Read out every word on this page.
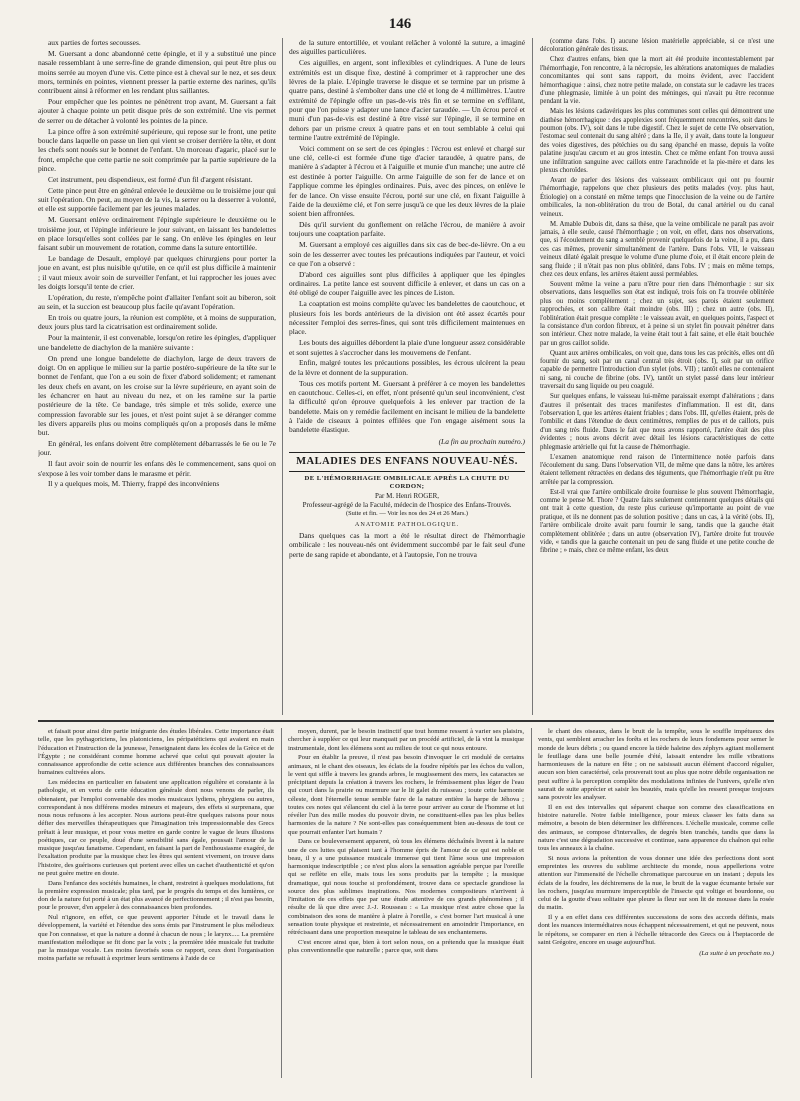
146

aux parties de fortes secousses.

M. Guersant a donc abandonné cette épingle, et il y a substitué une pince nasale ressemblant à une serre-fine de grande dimension, qui peut être plus ou moins serrée au moyen d'une vis. Cette pince est à cheval sur le nez, et ses deux mors, terminés en pointes, viennent presser la partie externe des narines, qu'ils contribuent ainsi à réformer en les rendant plus saillantes.

Pour empêcher que les pointes ne pénètrent trop avant, M. Guersant a fait ajouter à chaque pointe un petit disque près de son extrémité. Une vis permet de serrer ou de détacher à volonté les pointes de la pince.

La pince offre à son extrémité supérieure, qui repose sur le front, une petite boucle dans laquelle on passe un lien qui vient se croiser derrière la tête, et dont les chefs sont noués sur le bonnet de l'enfant. Un morceau d'agaric, placé sur le front, empêche que cette partie ne soit comprimée par la partie supérieure de la pince.

Cet instrument, peu dispendieux, est formé d'un fil d'argent résistant.

Cette pince peut être en général enlevée le deuxième ou le troisième jour qui suit l'opération. On peut, au moyen de la vis, la serrer ou la desserrer à volonté, et elle est supportée facilement par les jeunes malades.

M. Guersant enlève ordinairement l'épingle supérieure le deuxième ou le troisième jour, et l'épingle inférieure le jour suivant, en laissant les bandelettes en place lorsqu'elles sont collées par le sang. On enlève les épingles en leur faisant subir un mouvement de rotation, comme dans la suture entortillée.

Le bandage de Desault, employé par quelques chirurgiens pour porter la joue en avant, est plus nuisible qu'utile, en ce qu'il est plus difficile à maintenir ; il vaut mieux avoir soin de surveiller l'enfant, et lui rapprocher les joues avec les doigts lorsqu'il tente de crier.

L'opération, du reste, n'empêche point d'allaiter l'enfant soit au biberon, soit au sein, et la succion est beaucoup plus facile qu'avant l'opération.

En trois ou quatre jours, la réunion est complète, et à moins de suppuration, deux jours plus tard la cicatrisation est ordinairement solide.

Pour la maintenir, il est convenable, lorsqu'on retire les épingles, d'appliquer une bandelette de diachylon de la manière suivante :

On prend une longue bandelette de diachylon, large de deux travers de doigt. On en applique le milieu sur la partie postéro-supérieure de la tête sur le bonnet de l'enfant, que l'on a eu soin de fixer d'abord solidement; et ramenant les deux chefs en avant, on les croise sur la lèvre supérieure, en ayant soin de les échancrer en haut au niveau du nez, et on les ramène sur la partie postérieure de la tête. Ce bandage, très simple et très solide, exerce une compression favorable sur les joues, et n'est point sujet à se déranger comme les divers appareils plus ou moins compliqués qu'on a proposés dans le même but.

En général, les enfans doivent être complètement débarrassés le 6e ou le 7e jour.

Il faut avoir soin de nourrir les enfans dès le commencement, sans quoi on s'expose à les voir tomber dans le marasme et périr.

Il y a quelques mois, M. Thierry, frappé des inconvéniens

de la suture entortillée, et voulant relâcher à volonté la suture, a imaginé des aiguilles particulières.

Ces aiguilles, en argent, sont inflexibles et cylindriques. A l'une de leurs extrémités est un disque fixe, destiné à comprimer et à rapprocher une des lèvres de la plaie. L'épingle traverse le disque et se termine par un prisme à quatre pans, destiné à s'emboîter dans une clé et long de 4 millimètres. L'autre extrémité de l'épingle offre un pas-de-vis très fin et se termine en s'effilant, pour que l'on puisse y adapter une lance d'acier taraudée. — Un écrou percé et muni d'un pas-de-vis est destiné à être vissé sur l'épingle, il se termine en dehors par un prisme creux à quatre pans et en tout semblable à celui qui termine l'autre extrémité de l'épingle.

Voici comment on se sert de ces épingles : l'écrou est enlevé et chargé sur une clé, celle-ci est formée d'une tige d'acier taraudée, à quatre pans, de manière à s'adapter à l'écrou et à l'aiguille et munie d'un manche; une autre clé est destinée à porter l'aiguille. On arme l'aiguille de son fer de lance et on l'applique comme les épingles ordinaires. Puis, avec des pinces, on enlève le fer de lance. On visse ensuite l'écrou, porté sur une clé, en fixant l'aiguille à l'aide de la deuxième clé, et l'on serre jusqu'à ce que les deux lèvres de la plaie soient bien affrontées.

Dès qu'il survient du gonflement on relâche l'écrou, de manière à avoir toujours une coaptation parfaite.

M. Guersant a employé ces aiguilles dans six cas de bec-de-lièvre. On a eu soin de les desserrer avec toutes les précautions indiquées par l'auteur, et voici ce que l'on a observé :

D'abord ces aiguilles sont plus difficiles à appliquer que les épingles ordinaires. La petite lance est souvent difficile à enlever, et dans un cas on a été obligé de couper l'aiguille avec les pinces de Liston.

La coaptation est moins complète qu'avec les bandelettes de caoutchouc, et plusieurs fois les bords antérieurs de la division ont été assez écartés pour nécessiter l'emploi des serres-fines, qui sont très difficilement maintenues en place.

Les bouts des aiguilles débordent la plaie d'une longueur assez considérable et sont sujettes à s'accrocher dans les mouvemens de l'enfant.

Enfin, malgré toutes les précautions possibles, les écrous ulcèrent la peau de la lèvre et donnent de la suppuration.

Tous ces motifs portent M. Guersant à préférer à ce moyen les bandelettes en caoutchouc. Celles-ci, en effet, n'ont présenté qu'un seul inconvénient, c'est la difficulté qu'on éprouve quelquefois à les enlever par traction de la bandelette. Mais on y remédie facilement en incisant le milieu de la bandelette à l'aide de ciseaux à pointes effilées que l'on engage aisément sous la bandelette élastique.

(La fin au prochain numéro.)
MALADIES DES ENFANS NOUVEAU-NÉS.
DE L'HÉMORRHAGIE OMBILICALE APRÈS LA CHUTE DU CORDON;
Par M. Henri ROGER,
Professeur-agrégé de la Faculté, médecin de l'hospice des Enfans-Trouvés.
(Suite et fin. — Voir les nos des 24 et 26 Mars.)
ANATOMIE PATHOLOGIQUE.

Dans quelques cas la mort a été le résultat direct de l'hémorrhagie ombilicale : les nouveau-nés ont évidemment succombé par le fait seul d'une perte de sang rapide et abondante, et à l'autopsie, l'on ne trouva

(comme dans l'obs. I) aucune lésion matérielle appréciable, si ce n'est une décoloration générale des tissus.

Chez d'autres enfans, bien que la mort ait été produite incontestablement par l'hémorrhagie, l'on rencontre, à la nécropsie, les altérations anatomiques de maladies concomitantes qui sont sans rapport, du moins évident, avec l'accident hémorrhagique : ainsi, chez notre petite malade, on constata sur le cadavre les traces d'une phlegmasie, limitée à un point des méninges, qui n'avait pu être reconnue pendant la vie.

Mais les lésions cadavériques les plus communes sont celles qui démontrent une diathèse hémorrhagique : des apoplexies sont fréquemment rencontrées, soit dans le poumon (obs. IV), soit dans le tube digestif. Chez le sujet de cette IVe observation, l'estomac seul contenait du sang altéré ; dans la IIe, il y avait, dans toute la longueur des voies digestives, des pétéchies ou du sang épanché en masse, depuis la voûte palatine jusqu'au cæcum et au gros intestin. Chez ce même enfant l'on trouva aussi une infiltration sanguine avec caillots entre l'arachnoïde et la pie-mère et dans les plexus choroïdes.

Avant de parler des lésions des vaisseaux ombilicaux qui ont pu fournir l'hémorrhagie, rappelons que chez plusieurs des petits malades (voy. plus haut, Étiologie) on a constaté en même temps que l'inocclusion de la veine ou de l'artère ombilicales, la non-oblitération du trou de Botal, du canal artériel ou du canal veineux.

M. Amable Dubois dit, dans sa thèse, que la veine ombilicale ne paraît pas avoir jamais, à elle seule, causé l'hémorrhagie ; on voit, en effet, dans nos observations, que, si l'écoulement du sang a semblé provenir quelquefois de la veine, il a pu, dans ces cas mêmes, provenir simultanément de l'artère. Dans l'obs. VII, le vaisseau veineux dilaté égalait presque le volume d'une plume d'oie, et il était encore plein de sang fluide ; il n'était pas non plus oblitéré, dans l'obs. IV ; mais en même temps, chez ces deux enfans, les artères étaient aussi perméables.

Souvent même la veine a paru n'être pour rien dans l'hémorrhagie : sur six observations, dans lesquelles son état est indiqué, trois fois on l'a trouvée oblitérée plus ou moins complètement ; chez un sujet, ses parois étaient seulement rapprochées, et son calibre était moindre (obs. III) ; chez un autre (obs. II), l'oblitération était presque complète : le vaisseau avait, en quelques points, l'aspect et la consistance d'un cordon fibreux, et à peine si un stylet fin pouvait pénétrer dans son intérieur. Chez notre malade, la veine était tout à fait saine, et elle était bouchée par un gros caillot solide.

Quant aux artères ombilicales, on voit que, dans tous les cas précités, elles ont dû fournir du sang, soit par un canal central très étroit (obs. I), soit par un orifice capable de permettre l'introduction d'un stylet (obs. VII) ; tantôt elles ne contenaient ni sang, ni couche de fibrine (obs. IV), tantôt un stylet passé dans leur intérieur traversait du sang liquide ou peu coagulé.

Sur quelques enfans, le vaisseau lui-même paraissait exempt d'altérations ; dans d'autres il présentait des traces manifestes d'inflammation. Il est dit, dans l'observation I, que les artères étaient friables ; dans l'obs. III, qu'elles étaient, près de l'ombilic et dans l'étendue de deux centimètres, remplies de pus et de caillots, puis d'un sang très fluide. Dans le fait que nous avons rapporté, l'artère était des plus évidentes ; nous avons décrit avec détail les lésions caractéristiques de cette phlegmasie artérielle qui fut la cause de l'hémorrhagie.

L'examen anatomique rend raison de l'intermittence notée parfois dans l'écoulement du sang. Dans l'observation VII, de même que dans la nôtre, les artères étaient tellement rétractées en dedans des téguments, que l'hémorrhagie n'eût pu être arrêtée par la compression.

Est-il vrai que l'artère ombilicale droite fournisse le plus souvent l'hémorrhagie, comme le pense M. Thore ? Quatre faits seulement contiennent quelques détails qui ont trait à cette question, du reste plus curieuse qu'importante au point de vue pratique, et ils ne donnent pas de solution positive ; dans un cas, à la vérité (obs. II), l'artère ombilicale droite avait paru fournir le sang, tandis que la gauche était complètement oblitérée ; dans un autre (observation IV), l'artère droite fut trouvée vide, « tandis que la gauche contenait un peu de sang fluide et une petite couche de fibrine ; » mais, chez ce même enfant, les deux

et faisait pour ainsi dire partie intégrante des études libérales. Cette importance était telle, que les pythagoriciens, les platoniciens, les péripatéticiens qui avaient en main l'éducation et l'instruction de la jeunesse, l'enseignaient dans les écoles de la Grèce et de l'Égypte ; ne considérant comme homme achevé que celui qui pouvait ajouter la connaissance approfondie de cette science aux différentes branches des connaissances humaines cultivées alors.

Les médecins en particulier en faisaient une application régulière et constante à la pathologie, et en vertu de cette éducation générale dont nous venons de parler, ils obtenaient, par l'emploi convenable des modes musicaux lydiens, phrygiens ou autres, correspondant à nos différens modes mineurs et majeurs, des effets si surprenans, que nous nous refusons à les accepter. Nous aurions peut-être quelques raisons pour nous défier des merveilles thérapeutiques que l'imagination très impressionnable des Grecs prêtait à leur musique, et pour vous mettre en garde contre le vague de leurs illusions poétiques, car ce peuple, doué d'une sensibilité sans égale, poussait l'amour de la musique jusqu'au fanatisme. Cependant, en faisant la part de l'enthousiasme exagéré, de l'exaltation produite par la musique chez les êtres qui sentent vivement, on trouve dans l'histoire, des guérisons curieuses qui portent avec elles un cachet d'authenticité et qu'on ne peut guère mettre en doute.

Dans l'enfance des sociétés humaines, le chant, restreint à quelques modulations, fut la première expression musicale; plus tard, par le progrès du temps et des lumières, ce don de la nature fut porté à un état plus avancé de perfectionnement ; il n'est pas besoin, pour le prouver, d'en appeler à des connaissances bien profondes.

Nul n'ignore, en effet, ce que peuvent apporter l'étude et le travail dans le développement, la variété et l'étendue des sons émis par l'instrument le plus mélodieux que l'on connaisse, et que la nature a donné à chacun de nous ; le larynx..... La première manifestation mélodique se fit donc par la voix ; la première idée musicale fut traduite par la musique vocale. Les moins favorisés sous ce rapport, ceux dont l'organisation moins parfaite se refusait à exprimer leurs sentimens à l'aide de ce

moyen, durent, par le besoin instinctif que tout homme ressent à varier ses plaisirs, chercher à suppléer ce qui leur manquait par un procédé artificiel, de là vint la musique instrumentale, dont les élémens sont au milieu de tout ce qui nous entoure.

Pour en établir la preuve, il n'est pas besoin d'invoquer le cri modulé de certains animaux, ni le chant des oiseaux, les éclats de la foudre répétés par les échos du vallon, le vent qui siffle à travers les grands arbres, le mugissement des mers, les cataractes se précipitant depuis la création à travers les rochers, le frémissement plus léger de l'eau qui court dans la prairie ou murmure sur le lit galet du ruisseau ; toute cette harmonie céleste, dont l'éternelle tenue semble faire de la nature entière la harpe de Jéhova ; toutes ces notes qui s'élancent du ciel à la terre pour arriver au cœur de l'homme et lui révéler l'un des mille modes du pouvoir divin, ne constituent-elles pas les plus belles harmonies de la nature ? Ne sont-elles pas conséquemment bien au-dessus de tout ce que pourrait enfanter l'art humain ?

Dans ce bouleversement apparent, où tous les élémens déchaînés livrent à la nature une de ces luttes qui plaisent tant à l'homme épris de l'amour de ce qui est noble et beau, il y a une puissance musicale immense qui tient l'âme sous une impression harmonique indescriptible ; ce n'est plus alors la sensation agréable perçue par l'oreille qui se reflète en elle, mais tous les sons produits par la tempête ; la musique dramatique, qui nous touche si profondément, trouve dans ce spectacle grandiose la source des plus sublimes inspirations. Nos modernes compositeurs n'arrivent à l'imitation de ces effets que par une étude attentive de ces grands phénomènes ; il résulte de là que dire avec J.-J. Rousseau : « La musique n'est autre chose que la combinaison des sons de manière à plaire à l'oreille, » c'est borner l'art musical à une sensation toute physique et restreinte, et nécessairement en amoindrir l'importance, en rétrécissant dans une proportion mesquine le tableau de ses enchantemens.

C'est encore ainsi que, bien à tort selon nous, on a prétendu que la musique était plus conventionnelle que naturelle ; parce que, soit dans

le chant des oiseaux, dans le bruit de la tempête, sous le souffle impétueux des vents, qui semblent arracher les forêts et les rochers de leurs fondemens pour semer le monde de leurs débris ; ou quand encore la tiède haleine des zéphyrs agitant mollement le feuillage dans une belle journée d'été, laissait entendre les mille vibrations harmonieuses de la nature en fête ; on ne saisissait aucun élément d'accord régulier, aucun son bien caractérisé, cela prouverait tout au plus que notre débile organisation ne peut suffire à la perception complète des modulations infinies de l'univers, qu'elle n'en saurait de suite apprécier et saisir les beautés, mais qu'elle les ressent presque toujours sans pouvoir les analyser.

Il en est des intervalles qui séparent chaque son comme des classifications en histoire naturelle. Notre faible intelligence, pour mieux classer les faits dans sa mémoire, a besoin de bien déterminer les différences. L'échelle musicale, comme celle des animaux, se compose d'intervalles, de degrés bien tranchés, tandis que dans la nature c'est une dégradation successive et continue, sans apparence du chaînon qui relie tous les anneaux à la chaîne.

Si nous avions la prétention de vous donner une idée des perfections dont sont empreintes les œuvres du sublime architecte du monde, nous appellerions votre attention sur l'immensité de l'échelle chromatique parcourue en un instant ; depuis les éclats de la foudre, les déchiremens de la nue, le bruit de la vague écumante brisée sur les rochers, jusqu'au murmure imperceptible de l'insecte qui voltige et bourdonne, ou celui de la goutte d'eau solitaire que pleure la fleur sur son lit de mousse dans la rosée du matin.

Il y a en effet dans ces différentes successions de sons des accords définis, mais dont les nuances intermédiaires nous échappent nécessairement, et qui ne peuvent, nous le répétons, se comparer en rien à l'échelle tétracorde des Grecs ou à l'heptacorde de saint Grégoire, encore en usage aujourd'hui.

(La suite à un prochain no.)
